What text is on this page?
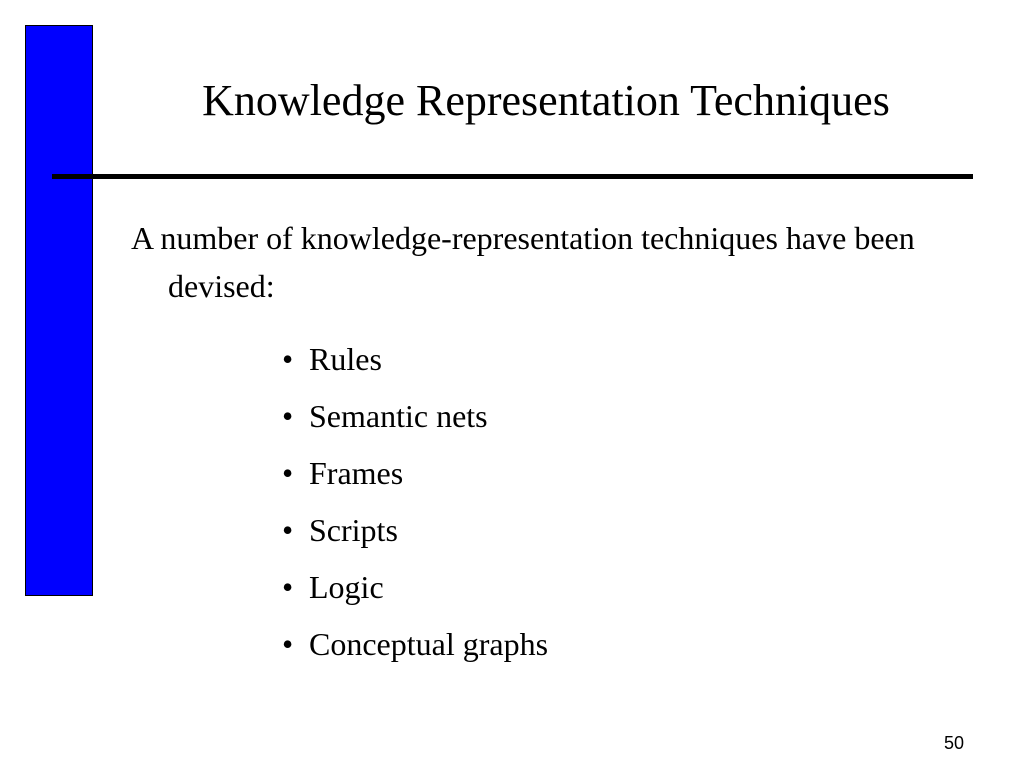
Knowledge Representation Techniques
A number of knowledge-representation techniques have been devised:
• Rules
• Semantic nets
• Frames
• Scripts
• Logic
• Conceptual graphs
50
